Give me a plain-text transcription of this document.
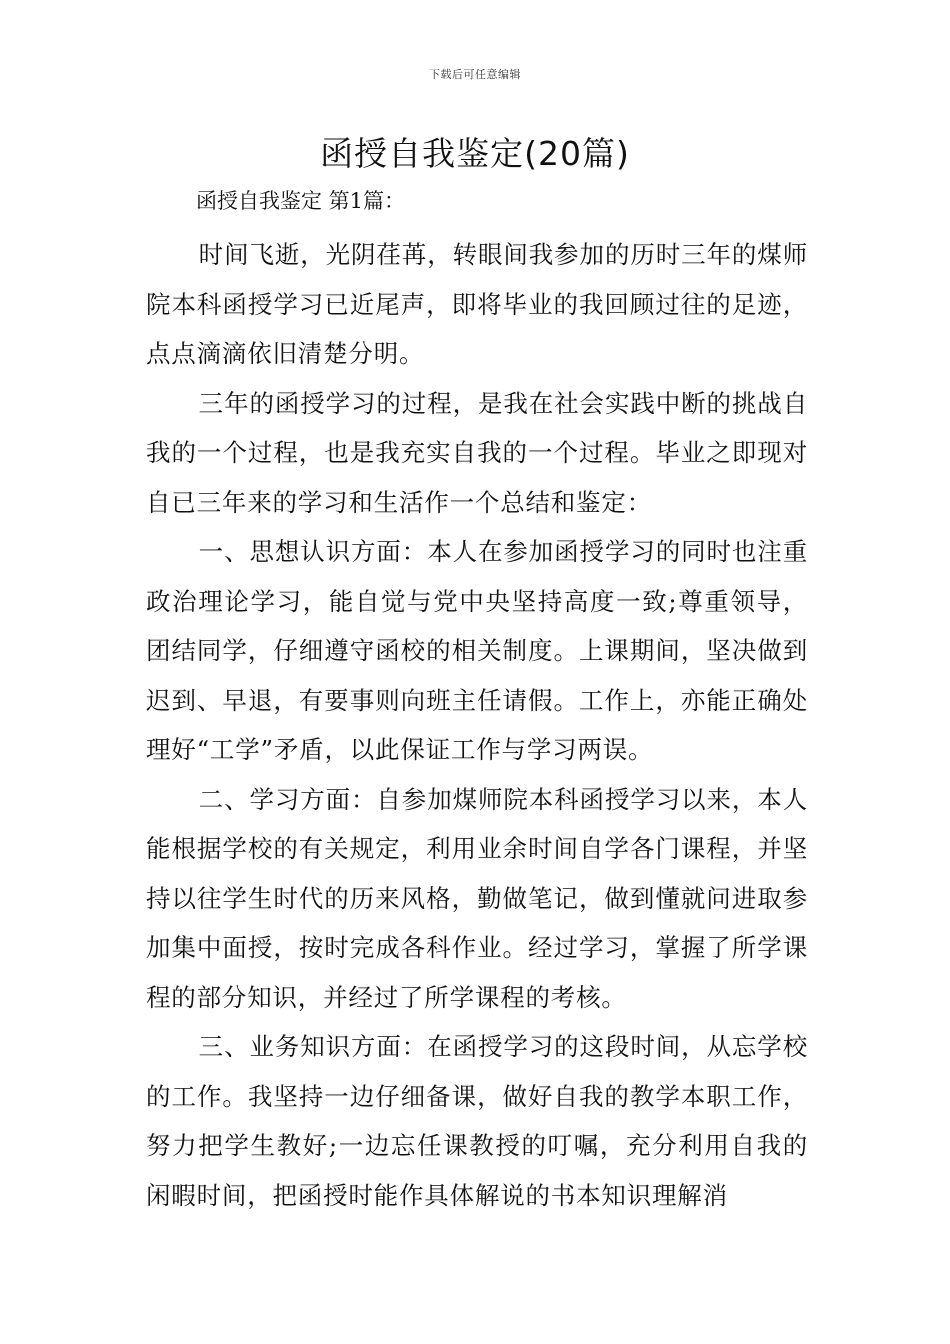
下载后可任意编辑
函授自我鉴定(20篇)

函授自我鉴定 第1篇：

时间飞逝，光阴荏苒，转眼间我参加的历时三年的煤师院本科函授学习已近尾声，即将毕业的我回顾过往的足迹，点点滴滴依旧清楚分明。

三年的函授学习的过程，是我在社会实践中断的挑战自我的一个过程，也是我充实自我的一个过程。毕业之即现对自已三年来的学习和生活作一个总结和鉴定：

一、思想认识方面：本人在参加函授学习的同时也注重政治理论学习，能自觉与党中央坚持高度一致;尊重领导，团结同学，仔细遵守函校的相关制度。上课期间，坚决做到迟到、早退，有要事则向班主任请假。工作上，亦能正确处理好“工学”矛盾，以此保证工作与学习两误。

二、学习方面：自参加煤师院本科函授学习以来，本人能根据学校的有关规定，利用业余时间自学各门课程，并坚持以往学生时代的历来风格，勤做笔记，做到懂就问进取参加集中面授，按时完成各科作业。经过学习，掌握了所学课程的部分知识，并经过了所学课程的考核。

三、业务知识方面：在函授学习的这段时间，从忘学校的工作。我坚持一边仔细备课，做好自我的教学本职工作，努力把学生教好;一边忘任课教授的叮嘱，充分利用自我的闲暇时间，把函授时能作具体解说的书本知识理解消
